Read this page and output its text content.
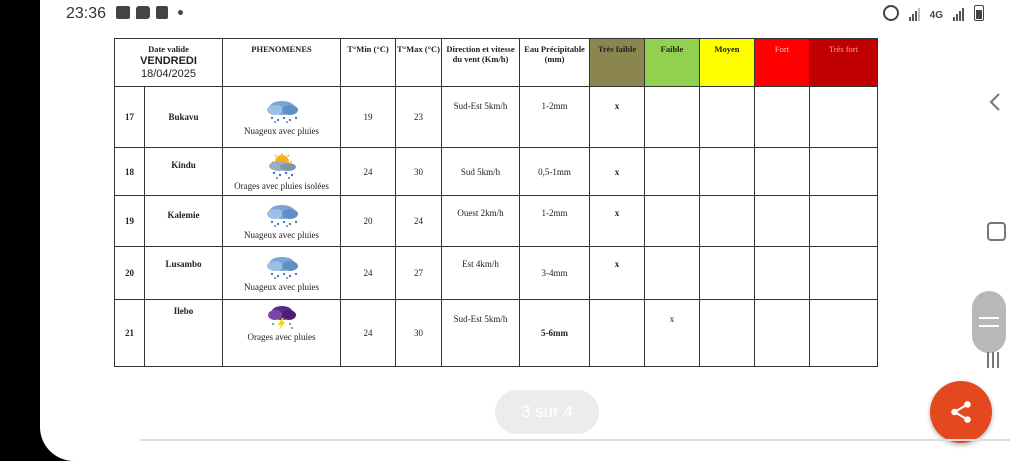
23:36	4G
Date valide
VENDREDI
18/04/2025		PHENOMENES	T°Min (°C)	T°Max (°C)	Direction et vitesse du vent (Km/h)	Eau Précipitable (mm)	Très faible	Faible	Moyen	Fort	Très fort
17	Bukavu	Nuageux avec pluies	19	23	Sud-Est 5km/h	1-2mm	x				
18	Kindu	Orages avec pluies isolées	24	30	Sud 5km/h	0,5-1mm	x				
19	Kalemie	Nuageux avec pluies	20	24	Ouest 2km/h	1-2mm	x				
20	Lusambo	Nuageux avec pluies	24	27	Est 4km/h	3-4mm	x				
21	Ilebo	Orages avec pluies	24	30	Sud-Est 5km/h	5-6mm		x			
3 sur 4
